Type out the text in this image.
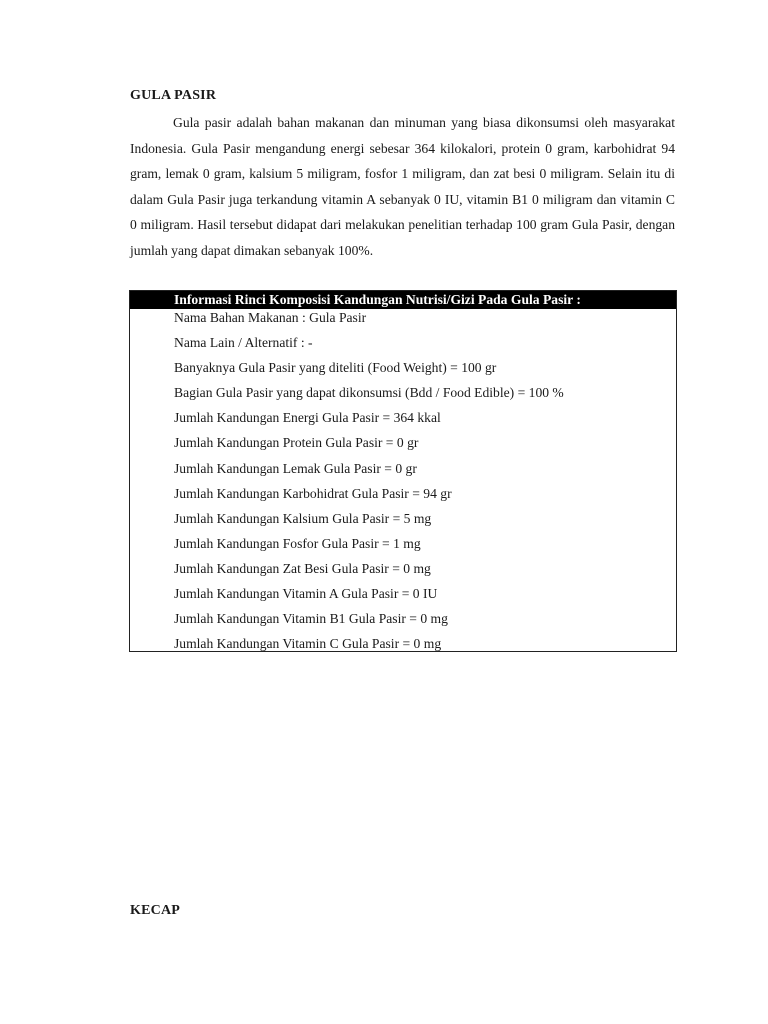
GULA PASIR

Gula pasir adalah bahan makanan dan minuman yang biasa dikonsumsi oleh masyarakat Indonesia. Gula Pasir mengandung energi sebesar 364 kilokalori, protein 0 gram, karbohidrat 94 gram, lemak 0 gram, kalsium 5 miligram, fosfor 1 miligram, dan zat besi 0 miligram. Selain itu di dalam Gula Pasir juga terkandung vitamin A sebanyak 0 IU, vitamin B1 0 miligram dan vitamin C 0 miligram. Hasil tersebut didapat dari melakukan penelitian terhadap 100 gram Gula Pasir, dengan jumlah yang dapat dimakan sebanyak 100%.

Informasi Rinci Komposisi Kandungan Nutrisi/Gizi Pada Gula Pasir :
Nama Bahan Makanan : Gula Pasir
Nama Lain / Alternatif : -
Banyaknya Gula Pasir yang diteliti (Food Weight) = 100 gr
Bagian Gula Pasir yang dapat dikonsumsi (Bdd / Food Edible) = 100 %
Jumlah Kandungan Energi Gula Pasir = 364 kkal
Jumlah Kandungan Protein Gula Pasir = 0 gr
Jumlah Kandungan Lemak Gula Pasir = 0 gr
Jumlah Kandungan Karbohidrat Gula Pasir = 94 gr
Jumlah Kandungan Kalsium Gula Pasir = 5 mg
Jumlah Kandungan Fosfor Gula Pasir = 1 mg
Jumlah Kandungan Zat Besi Gula Pasir = 0 mg
Jumlah Kandungan Vitamin A Gula Pasir = 0 IU
Jumlah Kandungan Vitamin B1 Gula Pasir = 0 mg
Jumlah Kandungan Vitamin C Gula Pasir = 0 mg
KECAP
